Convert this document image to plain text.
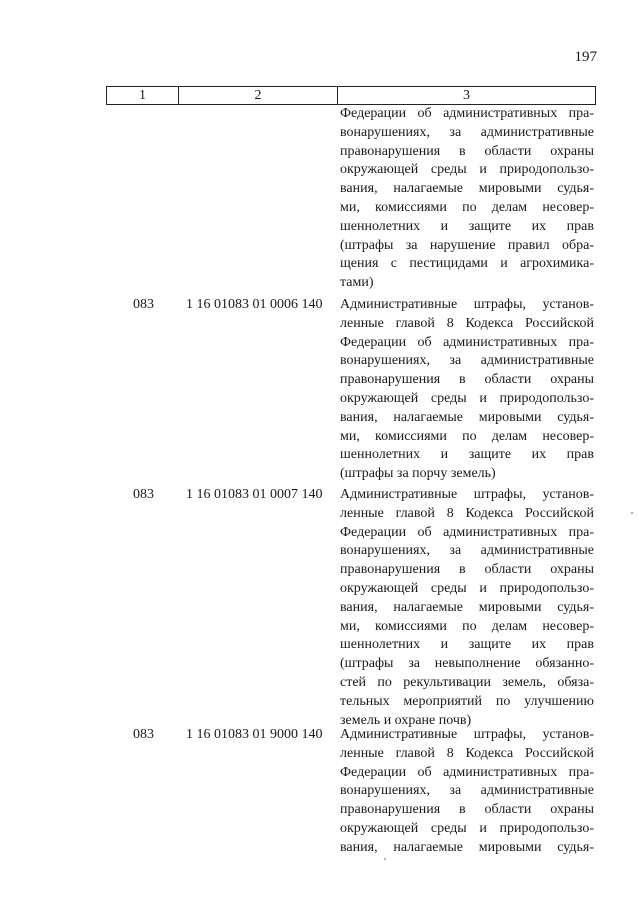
197
1	2	3
Федерации об административных пра-
вонарушениях, за административные
правонарушения в области охраны
окружающей среды и природопользо-
вания, налагаемые мировыми судья-
ми, комиссиями по делам несовер-
шеннолетних и защите их прав
(штрафы за нарушение правил обра-
щения с пестицидами и агрохимика-
тами)
083 1 16 01083 01 0006 140 Административные штрафы, установ-
ленные главой 8 Кодекса Российской
Федерации об административных пра-
вонарушениях, за административные
правонарушения в области охраны
окружающей среды и природопользо-
вания, налагаемые мировыми судья-
ми, комиссиями по делам несовер-
шеннолетних и защите их прав
(штрафы за порчу земель)
083 1 16 01083 01 0007 140 Административные штрафы, установ-
ленные главой 8 Кодекса Российской
Федерации об административных пра-
вонарушениях, за административные
правонарушения в области охраны
окружающей среды и природопользо-
вания, налагаемые мировыми судья-
ми, комиссиями по делам несовер-
шеннолетних и защите их прав
(штрафы за невыполнение обязанно-
стей по рекультивации земель, обяза-
тельных мероприятий по улучшению
земель и охране почв)
083 1 16 01083 01 9000 140 Административные штрафы, установ-
ленные главой 8 Кодекса Российской
Федерации об административных пра-
вонарушениях, за административные
правонарушения в области охраны
окружающей среды и природопользо-
вания, налагаемые мировыми судья-
